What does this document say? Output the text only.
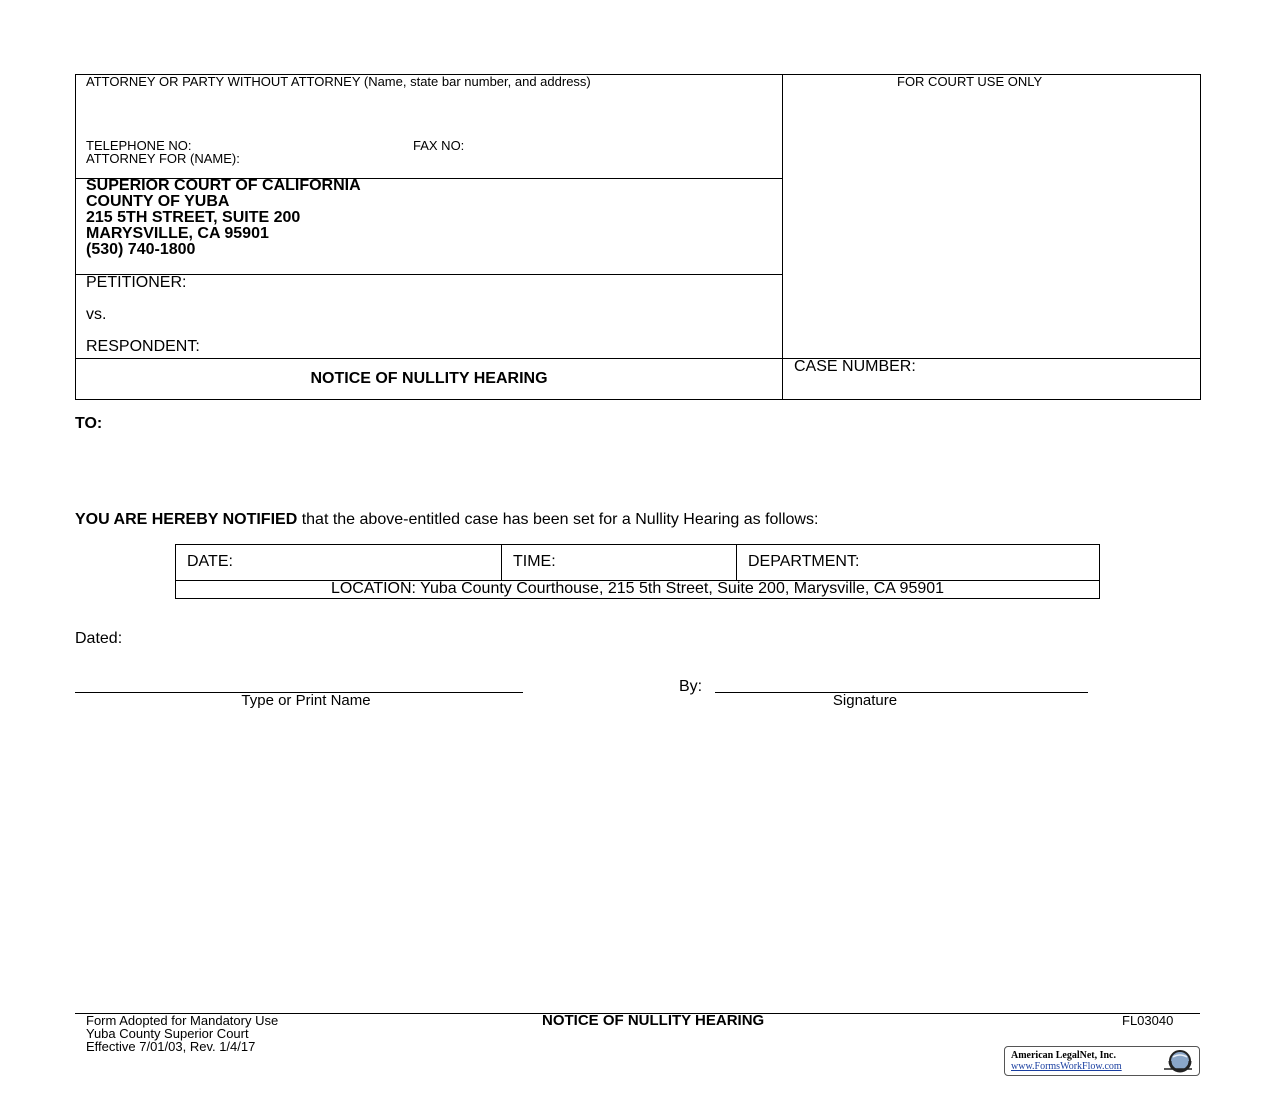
ATTORNEY OR PARTY WITHOUT ATTORNEY (Name, state bar number, and address)	FOR COURT USE ONLY
TELEPHONE NO:	FAX NO:
ATTORNEY FOR (NAME):
SUPERIOR COURT OF CALIFORNIA
COUNTY OF YUBA
215 5TH STREET, SUITE 200
MARYSVILLE, CA 95901
(530) 740-1800
PETITIONER:
vs.
RESPONDENT:
NOTICE OF NULLITY HEARING
CASE NUMBER:
TO:
YOU ARE HEREBY NOTIFIED that the above-entitled case has been set for a Nullity Hearing as follows:
DATE:	TIME:	DEPARTMENT:
LOCATION: Yuba County Courthouse, 215 5th Street, Suite 200, Marysville, CA 95901
Dated:
Type or Print Name
By:
Signature
Form Adopted for Mandatory Use
Yuba County Superior Court
Effective 7/01/03, Rev. 1/4/17
NOTICE OF NULLITY HEARING	FL03040
American LegalNet, Inc.
www.FormsWorkFlow.com
